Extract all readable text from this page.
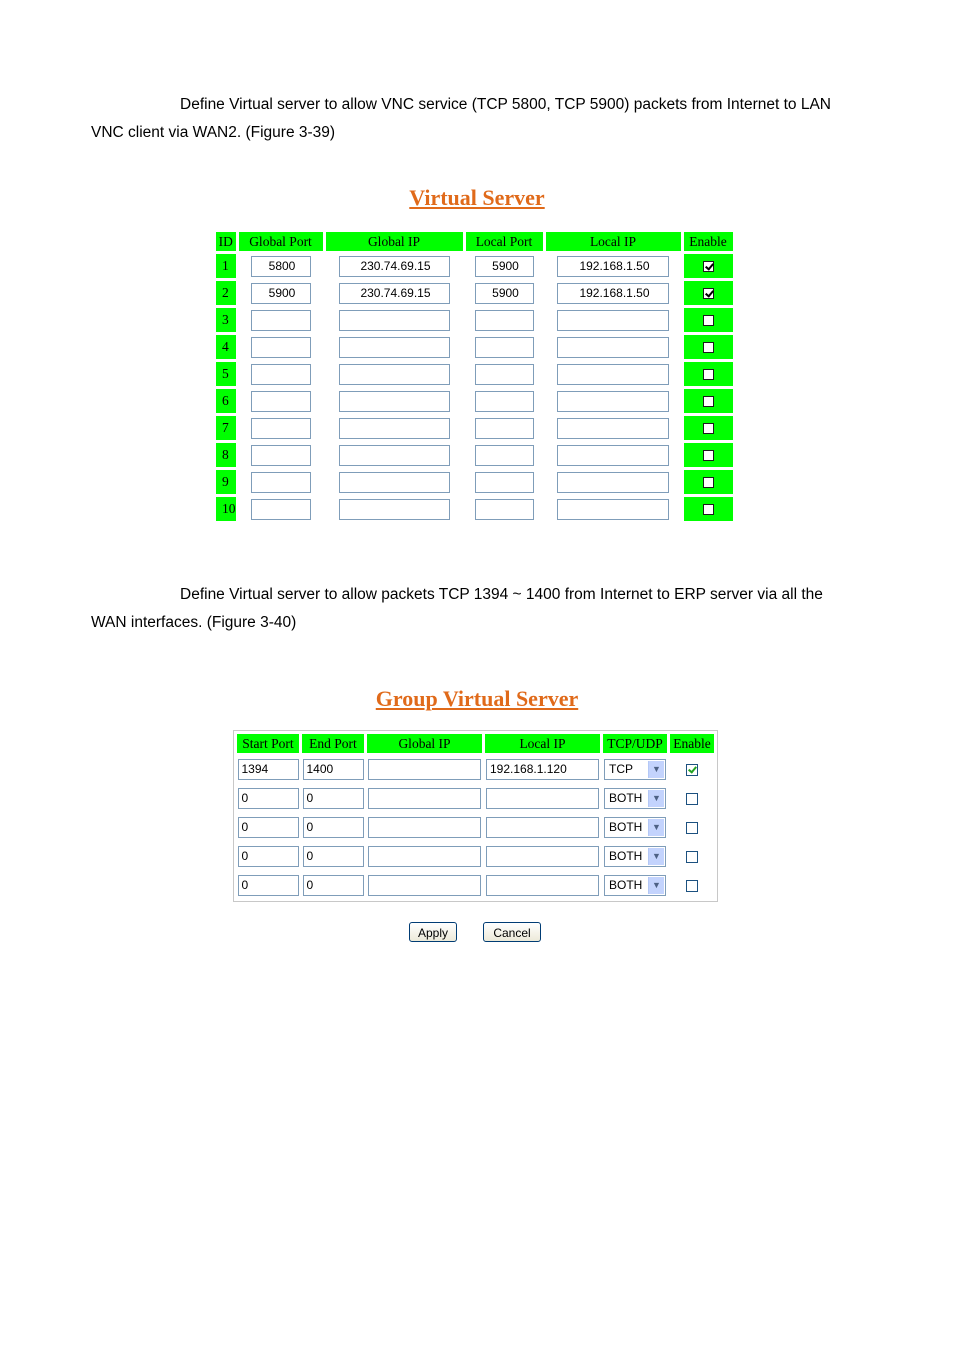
Define Virtual server to allow VNC service (TCP 5800, TCP 5900) packets from Internet to LAN
VNC client via WAN2. (Figure 3-39)

Virtual Server
ID	Global Port	Global IP	Local Port	Local IP	Enable
1	5800	230.74.69.15	5900	192.168.1.50	
2	5900	230.74.69.15	5900	192.168.1.50	
3					
4					
5					
6					
7					
8					
9					
10					

Define Virtual server to allow packets TCP 1394 ~ 1400 from Internet to ERP server via all the
WAN interfaces. (Figure 3-40)

Group Virtual Server
Start Port	End Port	Global IP	Local IP	TCP/UDP	Enable
1394	1400		192.168.1.120	TCP ▼	

0	0			BOTH ▼	

0	0			BOTH ▼	

0	0			BOTH ▼	

0	0			BOTH ▼	

Apply	Cancel
